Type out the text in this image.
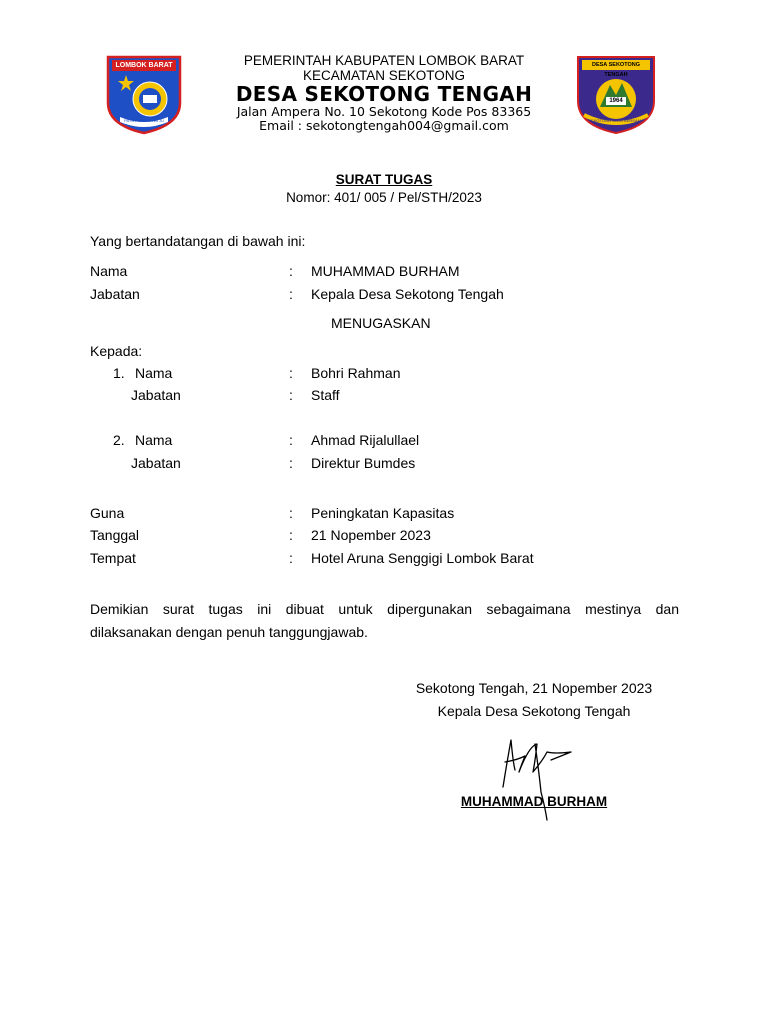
LOMBOK BARAT
PATUT PATUH PATJU
PEMERINTAH KABUPATEN LOMBOK BARAT
KECAMATAN SEKOTONG
DESA SEKOTONG TENGAH
Jalan Ampera No. 10 Sekotong Kode Pos 83365
Email : sekotongtengah004@gmail.com
DESA SEKOTONG TENGAH
1964
SEKOTONG MAJU BERSAMA
SURAT TUGAS
Nomor: 401/ 005 / Pel/STH/2023
Yang bertandatangan di bawah ini:
Nama	: MUHAMMAD BURHAM
Jabatan	: Kepala Desa Sekotong Tengah
MENUGASKAN
Kepada:
1. Nama	: Bohri Rahman
Jabatan	: Staff
2. Nama	: Ahmad Rijalullael
Jabatan	: Direktur Bumdes
Guna	: Peningkatan Kapasitas
Tanggal	: 21 Nopember 2023
Tempat	: Hotel Aruna Senggigi Lombok Barat
Demikian surat tugas ini dibuat untuk dipergunakan sebagaimana mestinya dan
dilaksanakan dengan penuh tanggungjawab.
Sekotong Tengah, 21 Nopember 2023
Kepala Desa Sekotong Tengah
MUHAMMAD BURHAM
